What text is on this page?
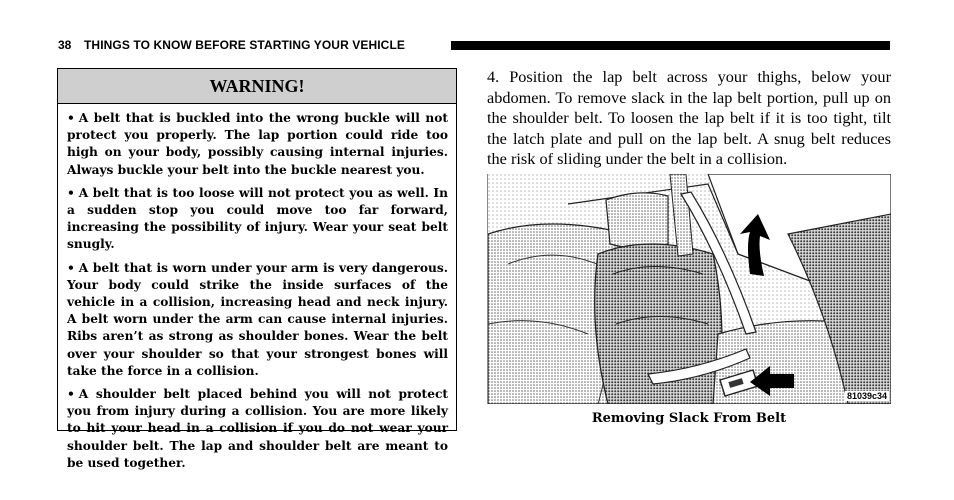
38 THINGS TO KNOW BEFORE STARTING YOUR VEHICLE
WARNING!

• A belt that is buckled into the wrong buckle will not protect you properly. The lap portion could ride too high on your body, possibly causing internal injuries. Always buckle your belt into the buckle nearest you.

• A belt that is too loose will not protect you as well. In a sudden stop you could move too far forward, increasing the possibility of injury. Wear your seat belt snugly.

• A belt that is worn under your arm is very dangerous. Your body could strike the inside surfaces of the vehicle in a collision, increasing head and neck injury. A belt worn under the arm can cause internal injuries. Ribs aren’t as strong as shoulder bones. Wear the belt over your shoulder so that your strongest bones will take the force in a collision.

• A shoulder belt placed behind you will not protect you from injury during a collision. You are more likely to hit your head in a collision if you do not wear your shoulder belt. The lap and shoulder belt are meant to be used together.

4. Position the lap belt across your thighs, below your abdomen. To remove slack in the lap belt portion, pull up on the shoulder belt. To loosen the lap belt if it is too tight, tilt the latch plate and pull on the lap belt. A snug belt reduces the risk of sliding under the belt in a collision.
81039c34
Removing Slack From Belt
